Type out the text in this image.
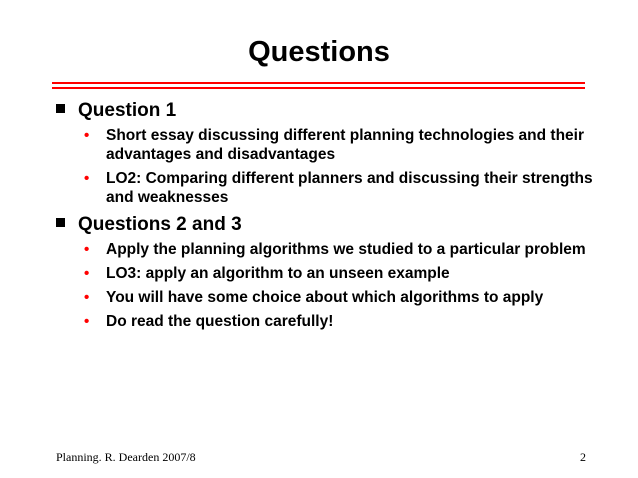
Questions

Question 1

• Short essay discussing different planning technologies and their advantages and disadvantages

• LO2: Comparing different planners and discussing their strengths and weaknesses

Questions 2 and 3

• Apply the planning algorithms we studied to a particular problem

• LO3: apply an algorithm to an unseen example

• You will have some choice about which algorithms to apply

• Do read the question carefully!

Planning. R. Dearden 2007/8	2
